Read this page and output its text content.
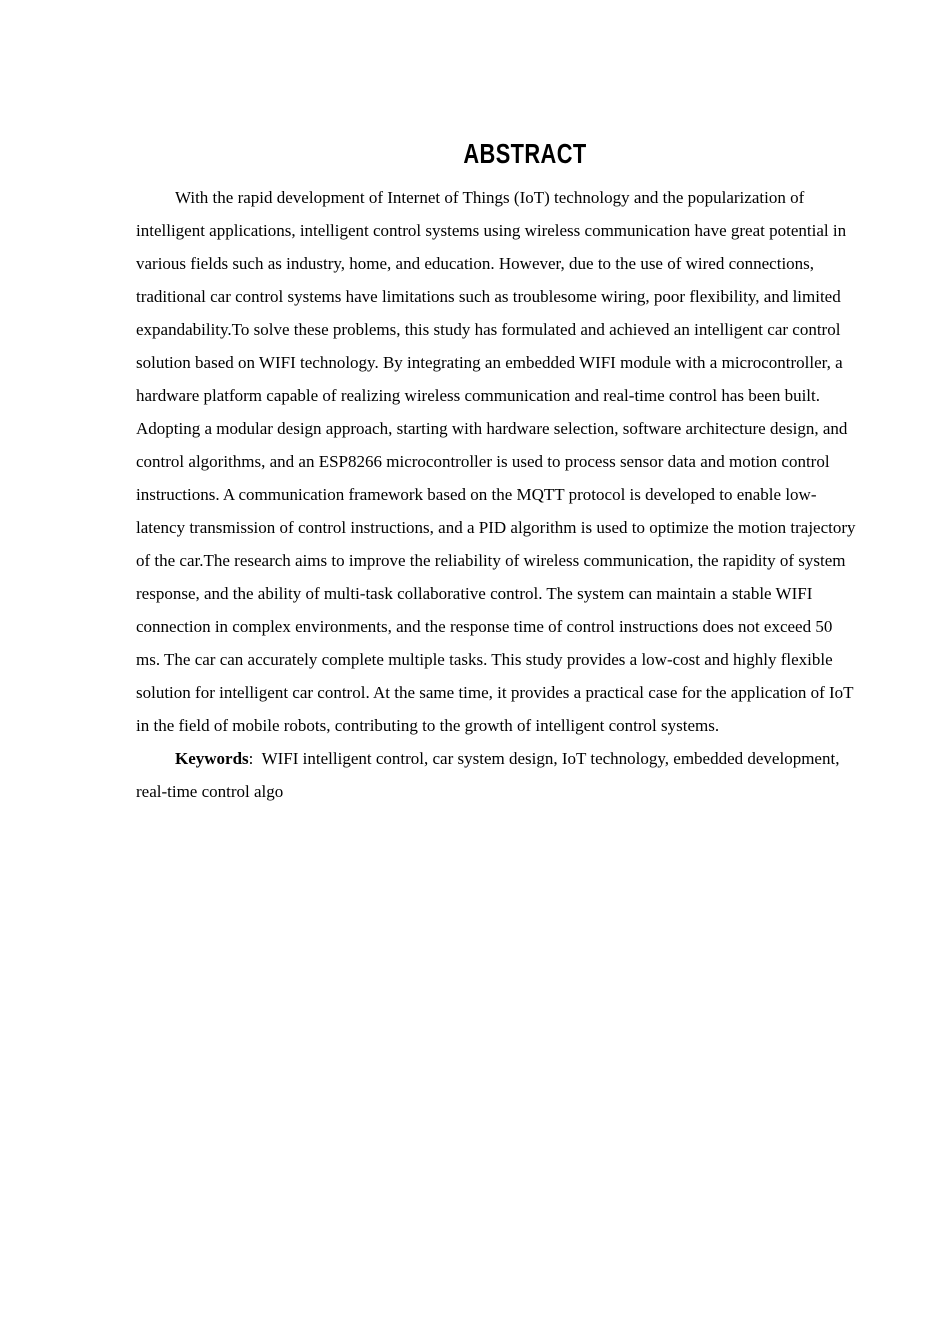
ABSTRACT

With the rapid development of Internet of Things (IoT) technology and the popularization of intelligent applications, intelligent control systems using wireless communication have great potential in various fields such as industry, home, and education. However, due to the use of wired connections, traditional car control systems have limitations such as troublesome wiring, poor flexibility, and limited expandability.To solve these problems, this study has formulated and achieved an intelligent car control solution based on WIFI technology. By integrating an embedded WIFI module with a microcontroller, a hardware platform capable of realizing wireless communication and real-time control has been built. Adopting a modular design approach, starting with hardware selection, software architecture design, and control algorithms, and an ESP8266 microcontroller is used to process sensor data and motion control instructions. A communication framework based on the MQTT protocol is developed to enable low-latency transmission of control instructions, and a PID algorithm is used to optimize the motion trajectory of the car.The research aims to improve the reliability of wireless communication, the rapidity of system response, and the ability of multi-task collaborative control. The system can maintain a stable WIFI connection in complex environments, and the response time of control instructions does not exceed 50 ms. The car can accurately complete multiple tasks. This study provides a low-cost and highly flexible solution for intelligent car control. At the same time, it provides a practical case for the application of IoT in the field of mobile robots, contributing to the growth of intelligent control systems.

Keywords:  WIFI intelligent control, car system design, IoT technology, embedded development, real-time control algo
